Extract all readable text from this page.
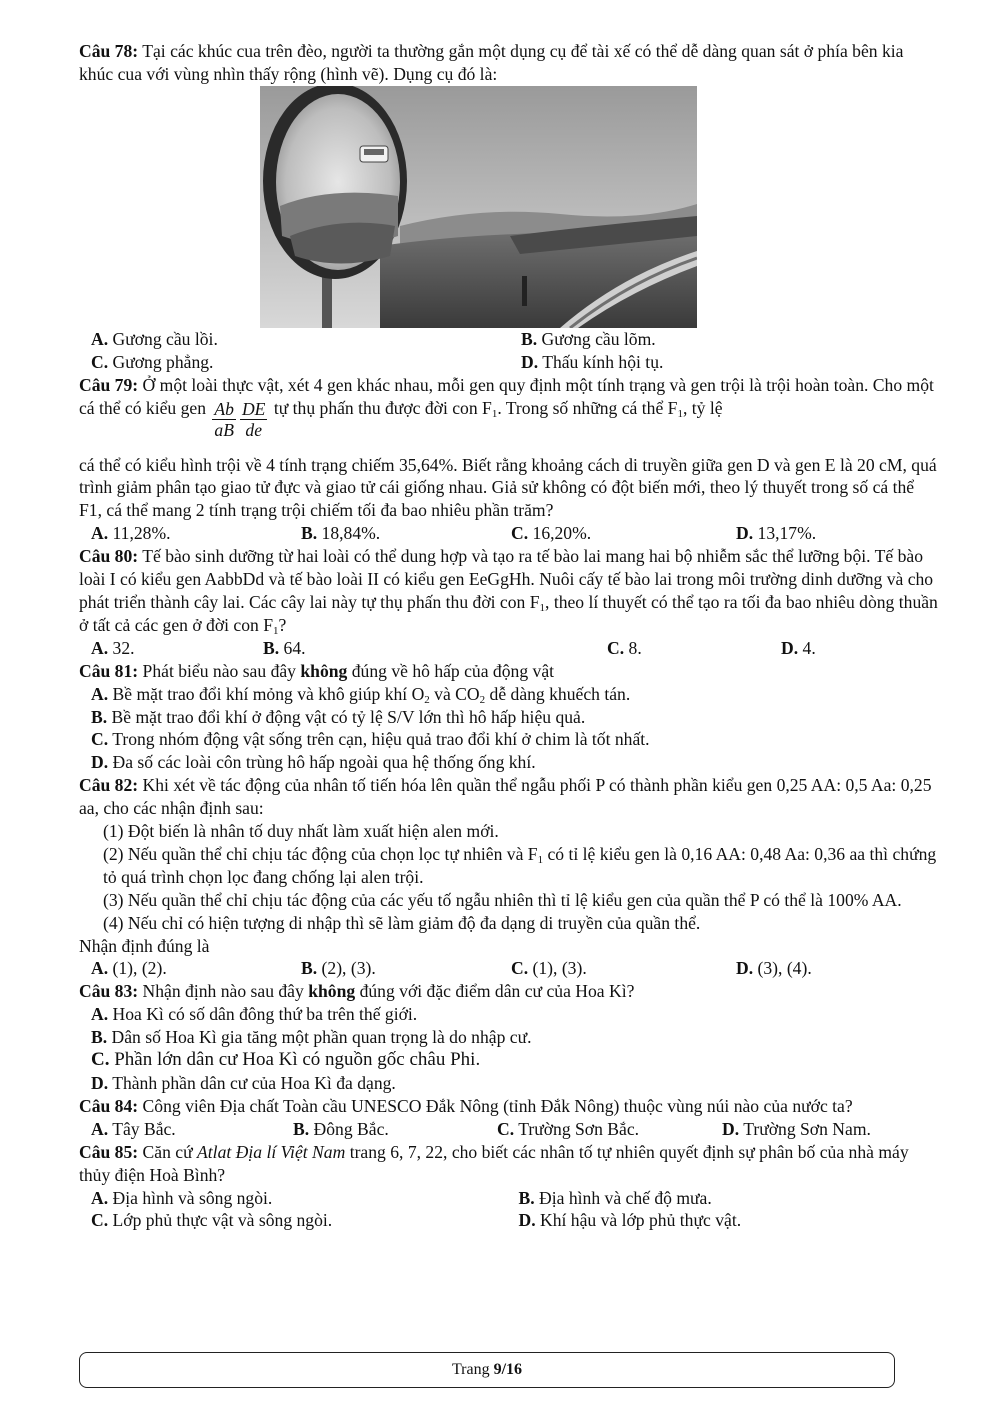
Câu 78: Tại các khúc cua trên đèo, người ta thường gắn một dụng cụ để tài xế có thể dễ dàng quan sát ở phía bên kia khúc cua với vùng nhìn thấy rộng (hình vẽ). Dụng cụ đó là:

A. Gương cầu lồi.	B. Gương cầu lõm.
C. Gương phẳng.	D. Thấu kính hội tụ.

Câu 79: Ở một loài thực vật, xét 4 gen khác nhau, mỗi gen quy định một tính trạng và gen trội là trội hoàn toàn. Cho một cá thể có kiểu gen $\frac{Ab}{aB} \frac{DE}{de}$ tự thụ phấn thu được đời con $F_1$. Trong số những cá thể $F_1$, tỷ lệ

cá thể có kiểu hình trội về 4 tính trạng chiếm 35,64%. Biết rằng khoảng cách di truyền giữa gen D và gen E là 20 cM, quá trình giảm phân tạo giao tử đực và giao tử cái giống nhau. Giả sử không có đột biến mới, theo lý thuyết trong số cá thể F1, cá thể mang 2 tính trạng trội chiếm tối đa bao nhiêu phần trăm?

A. 11,28%.	B. 18,84%.	C. 16,20%.	D. 13,17%.

Câu 80: Tế bào sinh dưỡng từ hai loài có thể dung hợp và tạo ra tế bào lai mang hai bộ nhiễm sắc thể lưỡng bội. Tế bào loài I có kiểu gen AabbDd và tế bào loài II có kiểu gen EeGgHh. Nuôi cấy tế bào lai trong môi trường dinh dưỡng và cho phát triển thành cây lai. Các cây lai này tự thụ phấn thu đời con $F_1$, theo lí thuyết có thể tạo ra tối đa bao nhiêu dòng thuần ở tất cả các gen ở đời con $F_1$?

A. 32.	B. 64.	C. 8.	D. 4.

Câu 81: Phát biểu nào sau đây không đúng về hô hấp của động vật

A. Bề mặt trao đổi khí mỏng và khô giúp khí $O_2$ và $CO_2$ dễ dàng khuếch tán.
B. Bề mặt trao đổi khí ở động vật có tỷ lệ S/V lớn thì hô hấp hiệu quả.
C. Trong nhóm động vật sống trên cạn, hiệu quả trao đổi khí ở chim là tốt nhất.
D. Đa số các loài côn trùng hô hấp ngoài qua hệ thống ống khí.

Câu 82: Khi xét về tác động của nhân tố tiến hóa lên quần thể ngẫu phối P có thành phần kiểu gen 0,25 AA: 0,5 Aa: 0,25 aa, cho các nhận định sau:

(1) Đột biến là nhân tố duy nhất làm xuất hiện alen mới.
(2) Nếu quần thể chỉ chịu tác động của chọn lọc tự nhiên và $F_1$ có tỉ lệ kiểu gen là 0,16 AA: 0,48 Aa: 0,36 aa thì chứng tỏ quá trình chọn lọc đang chống lại alen trội.
(3) Nếu quần thể chỉ chịu tác động của các yếu tố ngẫu nhiên thì tỉ lệ kiểu gen của quần thể P có thể là 100% AA.
(4) Nếu chỉ có hiện tượng di nhập thì sẽ làm giảm độ đa dạng di truyền của quần thể.
Nhận định đúng là
A. (1), (2).	B. (2), (3).	C. (1), (3).	D. (3), (4).

Câu 83: Nhận định nào sau đây không đúng với đặc điểm dân cư của Hoa Kì?

A. Hoa Kì có số dân đông thứ ba trên thế giới.
B. Dân số Hoa Kì gia tăng một phần quan trọng là do nhập cư.
C. Phần lớn dân cư Hoa Kì có nguồn gốc châu Phi.
D. Thành phần dân cư của Hoa Kì đa dạng.

Câu 84: Công viên Địa chất Toàn cầu UNESCO Đắk Nông (tỉnh Đắk Nông) thuộc vùng núi nào của nước ta?

A. Tây Bắc.	B. Đông Bắc.	C. Trường Sơn Bắc.	D. Trường Sơn Nam.

Câu 85: Căn cứ Atlat Địa lí Việt Nam trang 6, 7, 22, cho biết các nhân tố tự nhiên quyết định sự phân bố của nhà máy thủy điện Hoà Bình?

A. Địa hình và sông ngòi.	B. Địa hình và chế độ mưa.
C. Lớp phủ thực vật và sông ngòi.	D. Khí hậu và lớp phủ thực vật.
Trang 9/16
